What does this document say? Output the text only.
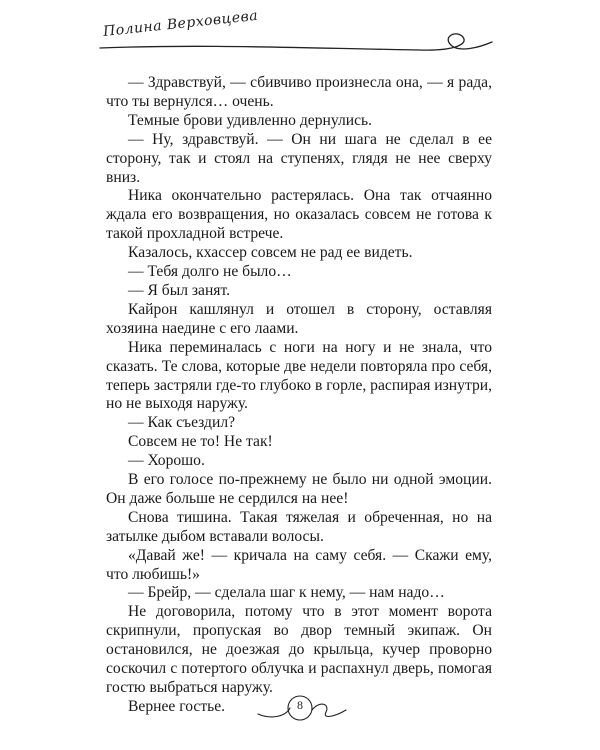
Полина Верховцева

— Здравствуй, — сбивчиво произнесла она, — я рада, что ты вернулся… очень.

Темные брови удивленно дернулись.

— Ну, здравствуй. — Он ни шага не сделал в ее сторону, так и стоял на ступенях, глядя не нее сверху вниз.

Ника окончательно растерялась. Она так отчаянно ждала его возвращения, но оказалась совсем не готова к такой прохладной встрече.

Казалось, кхассер совсем не рад ее видеть.

— Тебя долго не было…

— Я был занят.

Кайрон кашлянул и отошел в сторону, оставляя хозяина наедине с его лаами.

Ника переминалась с ноги на ногу и не знала, что сказать. Те слова, которые две недели повторяла про себя, теперь застряли где-то глубоко в горле, распирая изнутри, но не выходя наружу.

— Как съездил?

Совсем не то! Не так!

— Хорошо.

В его голосе по-прежнему не было ни одной эмоции. Он даже больше не сердился на нее!

Снова тишина. Такая тяжелая и обреченная, но на затылке дыбом вставали волосы.

«Давай же! — кричала на саму себя. — Скажи ему, что любишь!»

— Брейр, — сделала шаг к нему, — нам надо…

Не договорила, потому что в этот момент ворота скрипнули, пропуская во двор темный экипаж. Он остановился, не доезжая до крыльца, кучер проворно соскочил с потертого облучка и распахнул дверь, помогая гостю выбраться наружу.

Вернее гостье.	8
